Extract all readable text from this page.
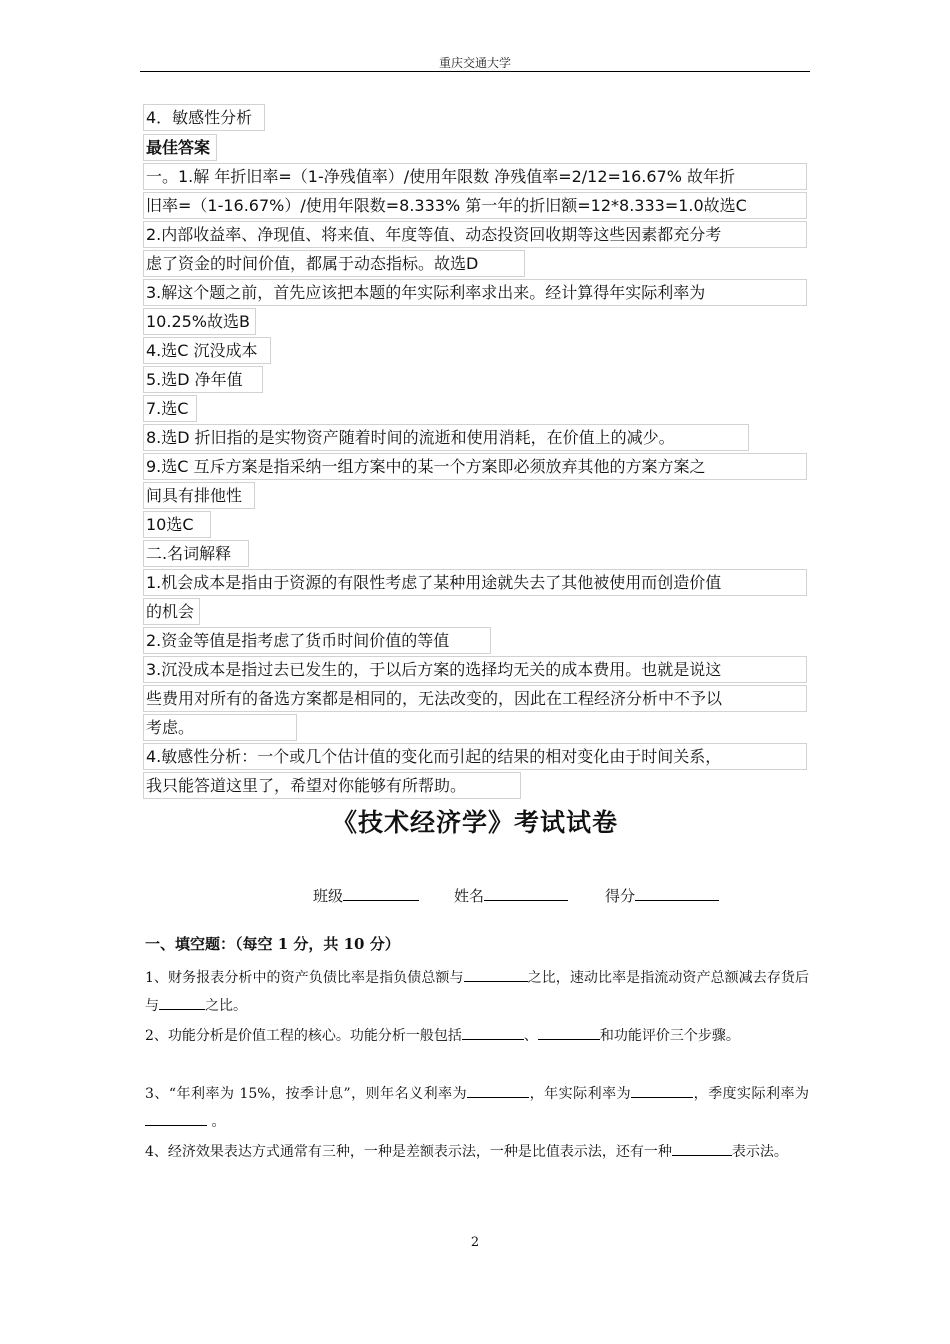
重庆交通大学
4．敏感性分析
最佳答案
一。1.解 年折旧率=（1-净残值率）/使用年限数 净残值率=2/12=16.67% 故年折
旧率=（1-16.67%）/使用年限数=8.333% 第一年的折旧额=12*8.333=1.0故选C
2.内部收益率、净现值、将来值、年度等值、动态投资回收期等这些因素都充分考
虑了资金的时间价值，都属于动态指标。故选D
3.解这个题之前，首先应该把本题的年实际利率求出来。经计算得年实际利率为
10.25%故选B
4.选C 沉没成本
5.选D 净年值
7.选C
8.选D 折旧指的是实物资产随着时间的流逝和使用消耗，在价值上的减少。
9.选C 互斥方案是指采纳一组方案中的某一个方案即必须放弃其他的方案方案之
间具有排他性
10选C
二.名词解释
1.机会成本是指由于资源的有限性考虑了某种用途就失去了其他被使用而创造价值
的机会
2.资金等值是指考虑了货币时间价值的等值
3.沉没成本是指过去已发生的，于以后方案的选择均无关的成本费用。也就是说这
些费用对所有的备选方案都是相同的，无法改变的，因此在工程经济分析中不予以
考虑。
4.敏感性分析：一个或几个估计值的变化而引起的结果的相对变化由于时间关系，
我只能答道这里了，希望对你能够有所帮助。
《技术经济学》考试试卷
班级	姓名	得分
一、填空题：（每空 1 分，共 10 分）
1、财务报表分析中的资产负债比率是指负债总额与	之比，速动比率是指流动资产总额减去存货后与	之比。
2、功能分析是价值工程的核心。功能分析一般包括	、	和功能评价三个步骤。
3、“年利率为 15%，按季计息”，则年名义利率为	，年实际利率为	，季度实际利率为 。
4、经济效果表达方式通常有三种，一种是差额表示法，一种是比值表示法，还有一种	表示法。
2
